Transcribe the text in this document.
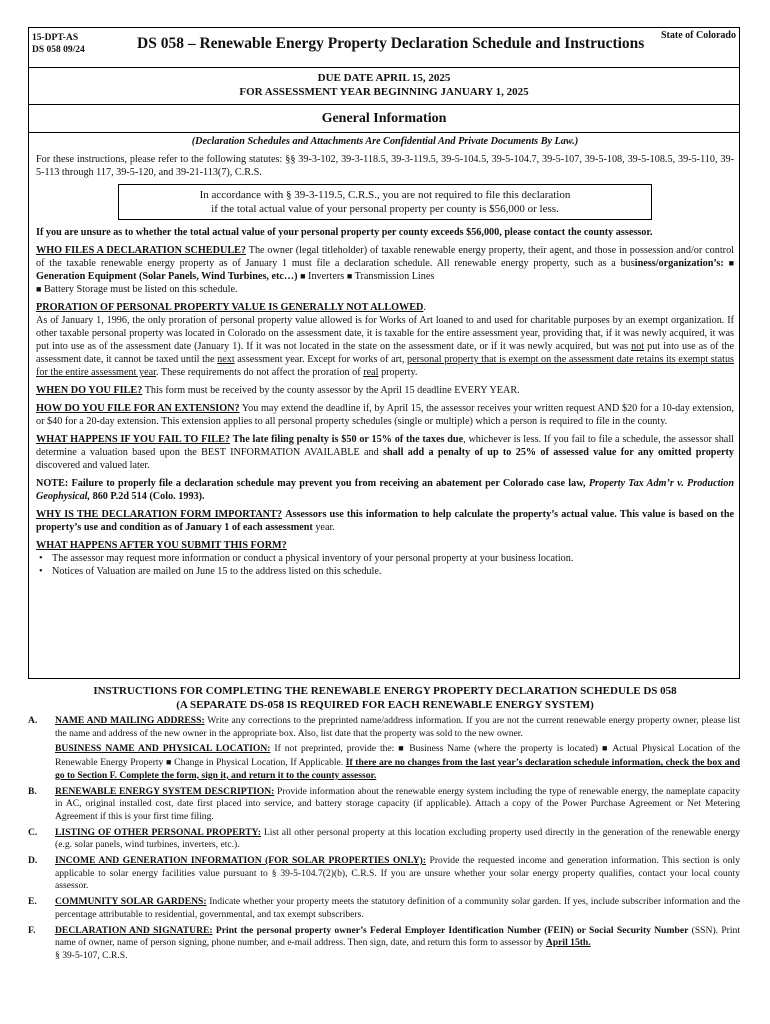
15-DPT-AS
DS 058 09/24	DS 058 – Renewable Energy Property Declaration Schedule and Instructions State of Colorado
DUE DATE APRIL 15, 2025
FOR ASSESSMENT YEAR BEGINNING JANUARY 1, 2025
General Information

(Declaration Schedules and Attachments Are Confidential And Private Documents By Law.)

For these instructions, please refer to the following statutes: §§ 39-3-102, 39-3-118.5, 39-3-119.5, 39-5-104.5, 39-5-104.7, 39-5-107, 39-5-108, 39-5-108.5, 39-5-110, 39-5-113 through 117, 39-5-120, and 39-21-113(7), C.R.S.

In accordance with § 39-3-119.5, C.R.S., you are not required to file this declaration
if the total actual value of your personal property per county is $56,000 or less.

If you are unsure as to whether the total actual value of your personal property per county exceeds $56,000, please contact the county assessor.

WHO FILES A DECLARATION SCHEDULE? The owner (legal titleholder) of taxable renewable energy property, their agent, and those in possession and/or control of the taxable renewable energy property as of January 1 must file a declaration schedule. All renewable energy property, such as a business/organization’s: ■ Generation Equipment (Solar Panels, Wind Turbines, etc…) ■ Inverters ■ Transmission Lines
■ Battery Storage must be listed on this schedule.

PRORATION OF PERSONAL PROPERTY VALUE IS GENERALLY NOT ALLOWED.
As of January 1, 1996, the only proration of personal property value allowed is for Works of Art loaned to and used for charitable purposes by an exempt organization. If other taxable personal property was located in Colorado on the assessment date, it is taxable for the entire assessment year, providing that, if it was newly acquired, it was put into use as of the assessment date (January 1). If it was not located in the state on the assessment date, or if it was newly acquired, but was not put into use as of the assessment date, it cannot be taxed until the next assessment year. Except for works of art, personal property that is exempt on the assessment date retains its exempt status for the entire assessment year. These requirements do not affect the proration of real property.

WHEN DO YOU FILE? This form must be received by the county assessor by the April 15 deadline EVERY YEAR.

HOW DO YOU FILE FOR AN EXTENSION? You may extend the deadline if, by April 15, the assessor receives your written request AND $20 for a 10-day extension, or $40 for a 20-day extension. This extension applies to all personal property schedules (single or multiple) which a person is required to file in the county.

WHAT HAPPENS IF YOU FAIL TO FILE? The late filing penalty is $50 or 15% of the taxes due, whichever is less. If you fail to file a schedule, the assessor shall determine a valuation based upon the BEST INFORMATION AVAILABLE and shall add a penalty of up to 25% of assessed value for any omitted property discovered and valued later.

NOTE: Failure to properly file a declaration schedule may prevent you from receiving an abatement per Colorado case law, Property Tax Adm’r v. Production Geophysical, 860 P.2d 514 (Colo. 1993).

WHY IS THE DECLARATION FORM IMPORTANT? Assessors use this information to help calculate the property’s actual value. This value is based on the property’s use and condition as of January 1 of each assessment year.

WHAT HAPPENS AFTER YOU SUBMIT THIS FORM?
• The assessor may request more information or conduct a physical inventory of your personal property at your business location.
• Notices of Valuation are mailed on June 15 to the address listed on this schedule.
INSTRUCTIONS FOR COMPLETING THE RENEWABLE ENERGY PROPERTY DECLARATION SCHEDULE DS 058
(A SEPARATE DS-058 IS REQUIRED FOR EACH RENEWABLE ENERGY SYSTEM)
A. NAME AND MAILING ADDRESS: Write any corrections to the preprinted name/address information. If you are not the current renewable energy property owner, please list the name and address of the new owner in the appropriate box. Also, list date that the property was sold to the new owner.

BUSINESS NAME AND PHYSICAL LOCATION: If not preprinted, provide the: ■ Business Name (where the property is located) ■ Actual Physical Location of the Renewable Energy Property ■ Change in Physical Location, If Applicable. If there are no changes from the last year’s declaration schedule information, check the box and go to Section F. Complete the form, sign it, and return it to the county assessor.

B. RENEWABLE ENERGY SYSTEM DESCRIPTION: Provide information about the renewable energy system including the type of renewable energy, the nameplate capacity in AC, original installed cost, date first placed into service, and battery storage capacity (if applicable). Attach a copy of the Power Purchase Agreement or Net Metering Agreement if this is your first time filing.

C. LISTING OF OTHER PERSONAL PROPERTY: List all other personal property at this location excluding property used directly in the generation of the renewable energy (e.g. solar panels, wind turbines, inverters, etc.).

D. INCOME AND GENERATION INFORMATION (FOR SOLAR PROPERTIES ONLY): Provide the requested income and generation information. This section is only applicable to solar energy facilities value pursuant to § 39-5-104.7(2)(b), C.R.S. If you are unsure whether your solar energy property qualifies, contact your local county assessor.

E. COMMUNITY SOLAR GARDENS: Indicate whether your property meets the statutory definition of a community solar garden. If yes, include subscriber information and the percentage attributable to residential, governmental, and tax exempt subscribers.

F. DECLARATION AND SIGNATURE: Print the personal property owner’s Federal Employer Identification Number (FEIN) or Social Security Number (SSN). Print name of owner, name of person signing, phone number, and e-mail address. Then sign, date, and return this form to assessor by April 15th.
§ 39-5-107, C.R.S.
